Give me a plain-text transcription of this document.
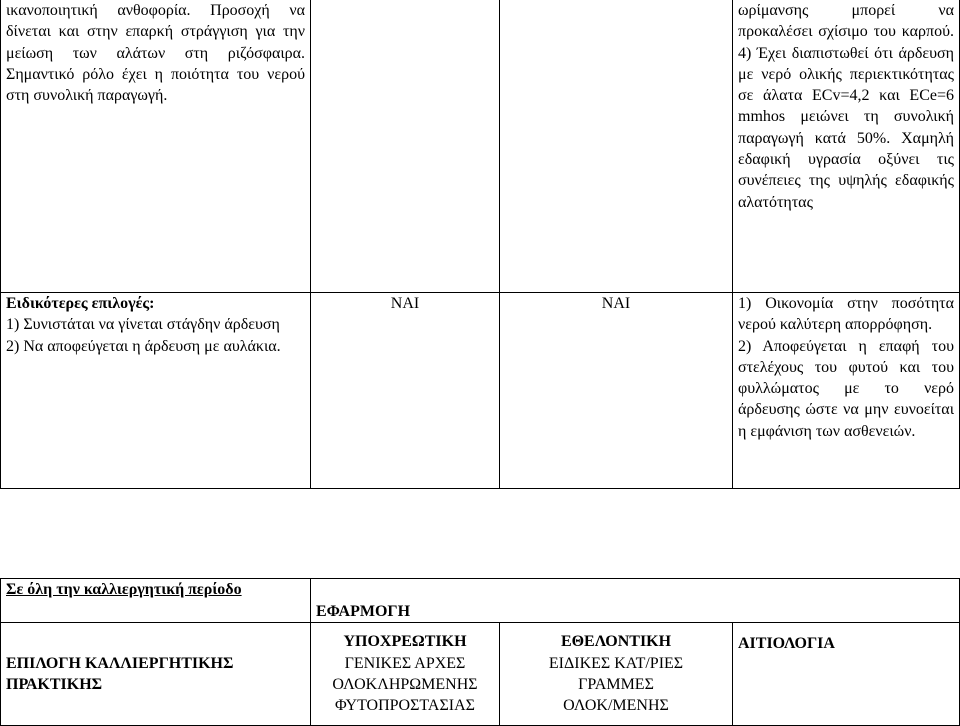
ικανοποιητική ανθοφορία. Προσοχή να δίνεται και στην επαρκή στράγγιση για την μείωση των αλάτων στη ριζόσφαιρα. Σημαντικό ρόλο έχει η ποιότητα του νερού στη συνολική παραγωγή.			ωρίμανσης μπορεί να προκαλέσει σχίσιμο του καρπού. 4) Έχει διαπιστωθεί ότι άρδευση με νερό ολικής περιεκτικότητας σε άλατα ECv=4,2 και ECe=6 mmhos μειώνει τη συνολική παραγωγή κατά 50%. Χαμηλή εδαφική υγρασία οξύνει τις συνέπειες της υψηλής εδαφικής αλατότητας

Ειδικότερες επιλογές:
1) Συνιστάται να γίνεται στάγδην άρδευση
2) Να αποφεύγεται η άρδευση με αυλάκια.	ΝΑΙ	ΝΑΙ	1) Οικονομία στην ποσότητα νερού καλύτερη απορρόφηση.
2) Αποφεύγεται η επαφή του στελέχους του φυτού και του φυλλώματος με το νερό άρδευσης ώστε να μην ευνοείται η εμφάνιση των ασθενειών.
Σε όλη την καλλιεργητική περίοδο	ΕΦΑΡΜΟΓΗ		
ΕΠΙΛΟΓΗ ΚΑΛΛΙΕΡΓΗΤΙΚΗΣ ΠΡΑΚΤΙΚΗΣ	ΥΠΟΧΡΕΩΤΙΚΗ
ΓΕΝΙΚΕΣ ΑΡΧΕΣ
ΟΛΟΚΛΗΡΩΜΕΝΗΣ
ΦΥΤΟΠΡΟΣΤΑΣΙΑΣ	ΕΘΕΛΟΝΤΙΚΗ
ΕΙΔΙΚΕΣ ΚΑΤ/ΡΙΕΣ
ΓΡΑΜΜΕΣ
ΟΛΟΚ/ΜΕΝΗΣ	ΑΙΤΙΟΛΟΓΙΑ
